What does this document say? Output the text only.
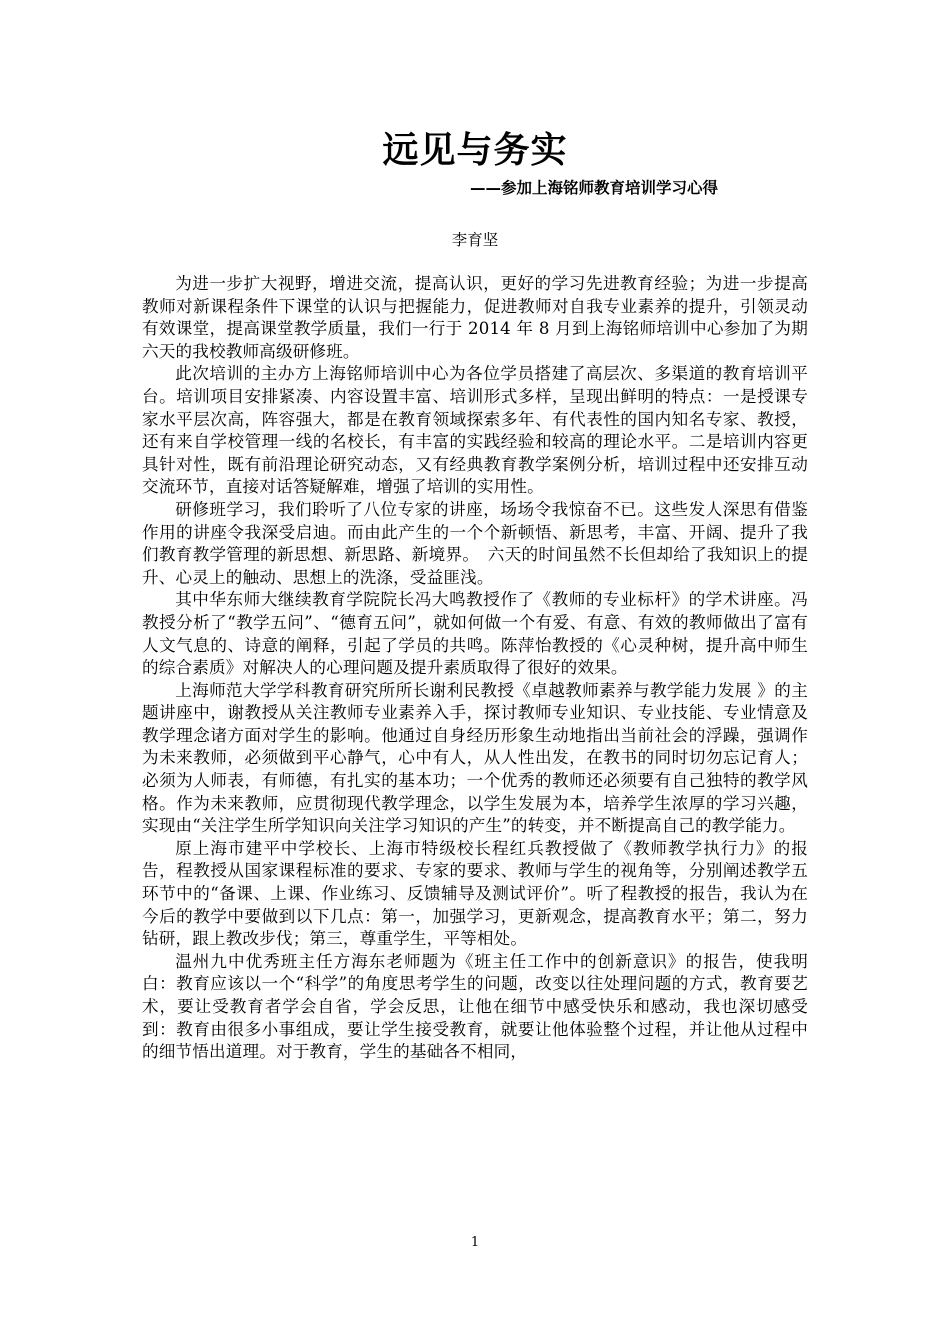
远见与务实
——参加上海铭师教育培训学习心得
李育坚

为进一步扩大视野，增进交流，提高认识，更好的学习先进教育经验；为进一步提高教师对新课程条件下课堂的认识与把握能力，促进教师对自我专业素养的提升，引领灵动有效课堂，提高课堂教学质量，我们一行于 2014 年 8 月到上海铭师培训中心参加了为期六天的我校教师高级研修班。

此次培训的主办方上海铭师培训中心为各位学员搭建了高层次、多渠道的教育培训平台。培训项目安排紧凑、内容设置丰富、培训形式多样，呈现出鲜明的特点：一是授课专家水平层次高，阵容强大，都是在教育领域探索多年、有代表性的国内知名专家、教授，还有来自学校管理一线的名校长，有丰富的实践经验和较高的理论水平。二是培训内容更具针对性，既有前沿理论研究动态，又有经典教育教学案例分析，培训过程中还安排互动交流环节，直接对话答疑解难，增强了培训的实用性。

研修班学习，我们聆听了八位专家的讲座，场场令我惊奋不已。这些发人深思有借鉴作用的讲座令我深受启迪。而由此产生的一个个新顿悟、新思考，丰富、开阔、提升了我们教育教学管理的新思想、新思路、新境界。　六天的时间虽然不长但却给了我知识上的提升、心灵上的触动、思想上的洗涤，受益匪浅。

其中华东师大继续教育学院院长冯大鸣教授作了《教师的专业标杆》的学术讲座。冯教授分析了“教学五问”、“德育五问”，就如何做一个有爱、有意、有效的教师做出了富有人文气息的、诗意的阐释，引起了学员的共鸣。陈萍怡教授的《心灵种树，提升高中师生的综合素质》对解决人的心理问题及提升素质取得了很好的效果。

上海师范大学学科教育研究所所长谢利民教授《卓越教师素养与教学能力发展 》的主题讲座中，谢教授从关注教师专业素养入手，探讨教师专业知识、专业技能、专业情意及教学理念诸方面对学生的影响。他通过自身经历形象生动地指出当前社会的浮躁，强调作为未来教师，必须做到平心静气，心中有人，从人性出发，在教书的同时切勿忘记育人；必须为人师表，有师德，有扎实的基本功；一个优秀的教师还必须要有自己独特的教学风格。作为未来教师，应贯彻现代教学理念，以学生发展为本，培养学生浓厚的学习兴趣，实现由“关注学生所学知识向关注学习知识的产生”的转变，并不断提高自己的教学能力。

原上海市建平中学校长、上海市特级校长程红兵教授做了《教师教学执行力》的报告，程教授从国家课程标准的要求、专家的要求、教师与学生的视角等，分别阐述教学五环节中的“备课、上课、作业练习、反馈辅导及测试评价”。听了程教授的报告，我认为在今后的教学中要做到以下几点：第一，加强学习，更新观念，提高教育水平；第二，努力钻研，跟上教改步伐；第三，尊重学生，平等相处。

温州九中优秀班主任方海东老师题为《班主任工作中的创新意识》的报告，使我明白：教育应该以一个“科学”的角度思考学生的问题，改变以往处理问题的方式，教育要艺术，要让受教育者学会自省，学会反思，让他在细节中感受快乐和感动，我也深切感受到：教育由很多小事组成，要让学生接受教育，就要让他体验整个过程，并让他从过程中的细节悟出道理。对于教育，学生的基础各不相同，

1
